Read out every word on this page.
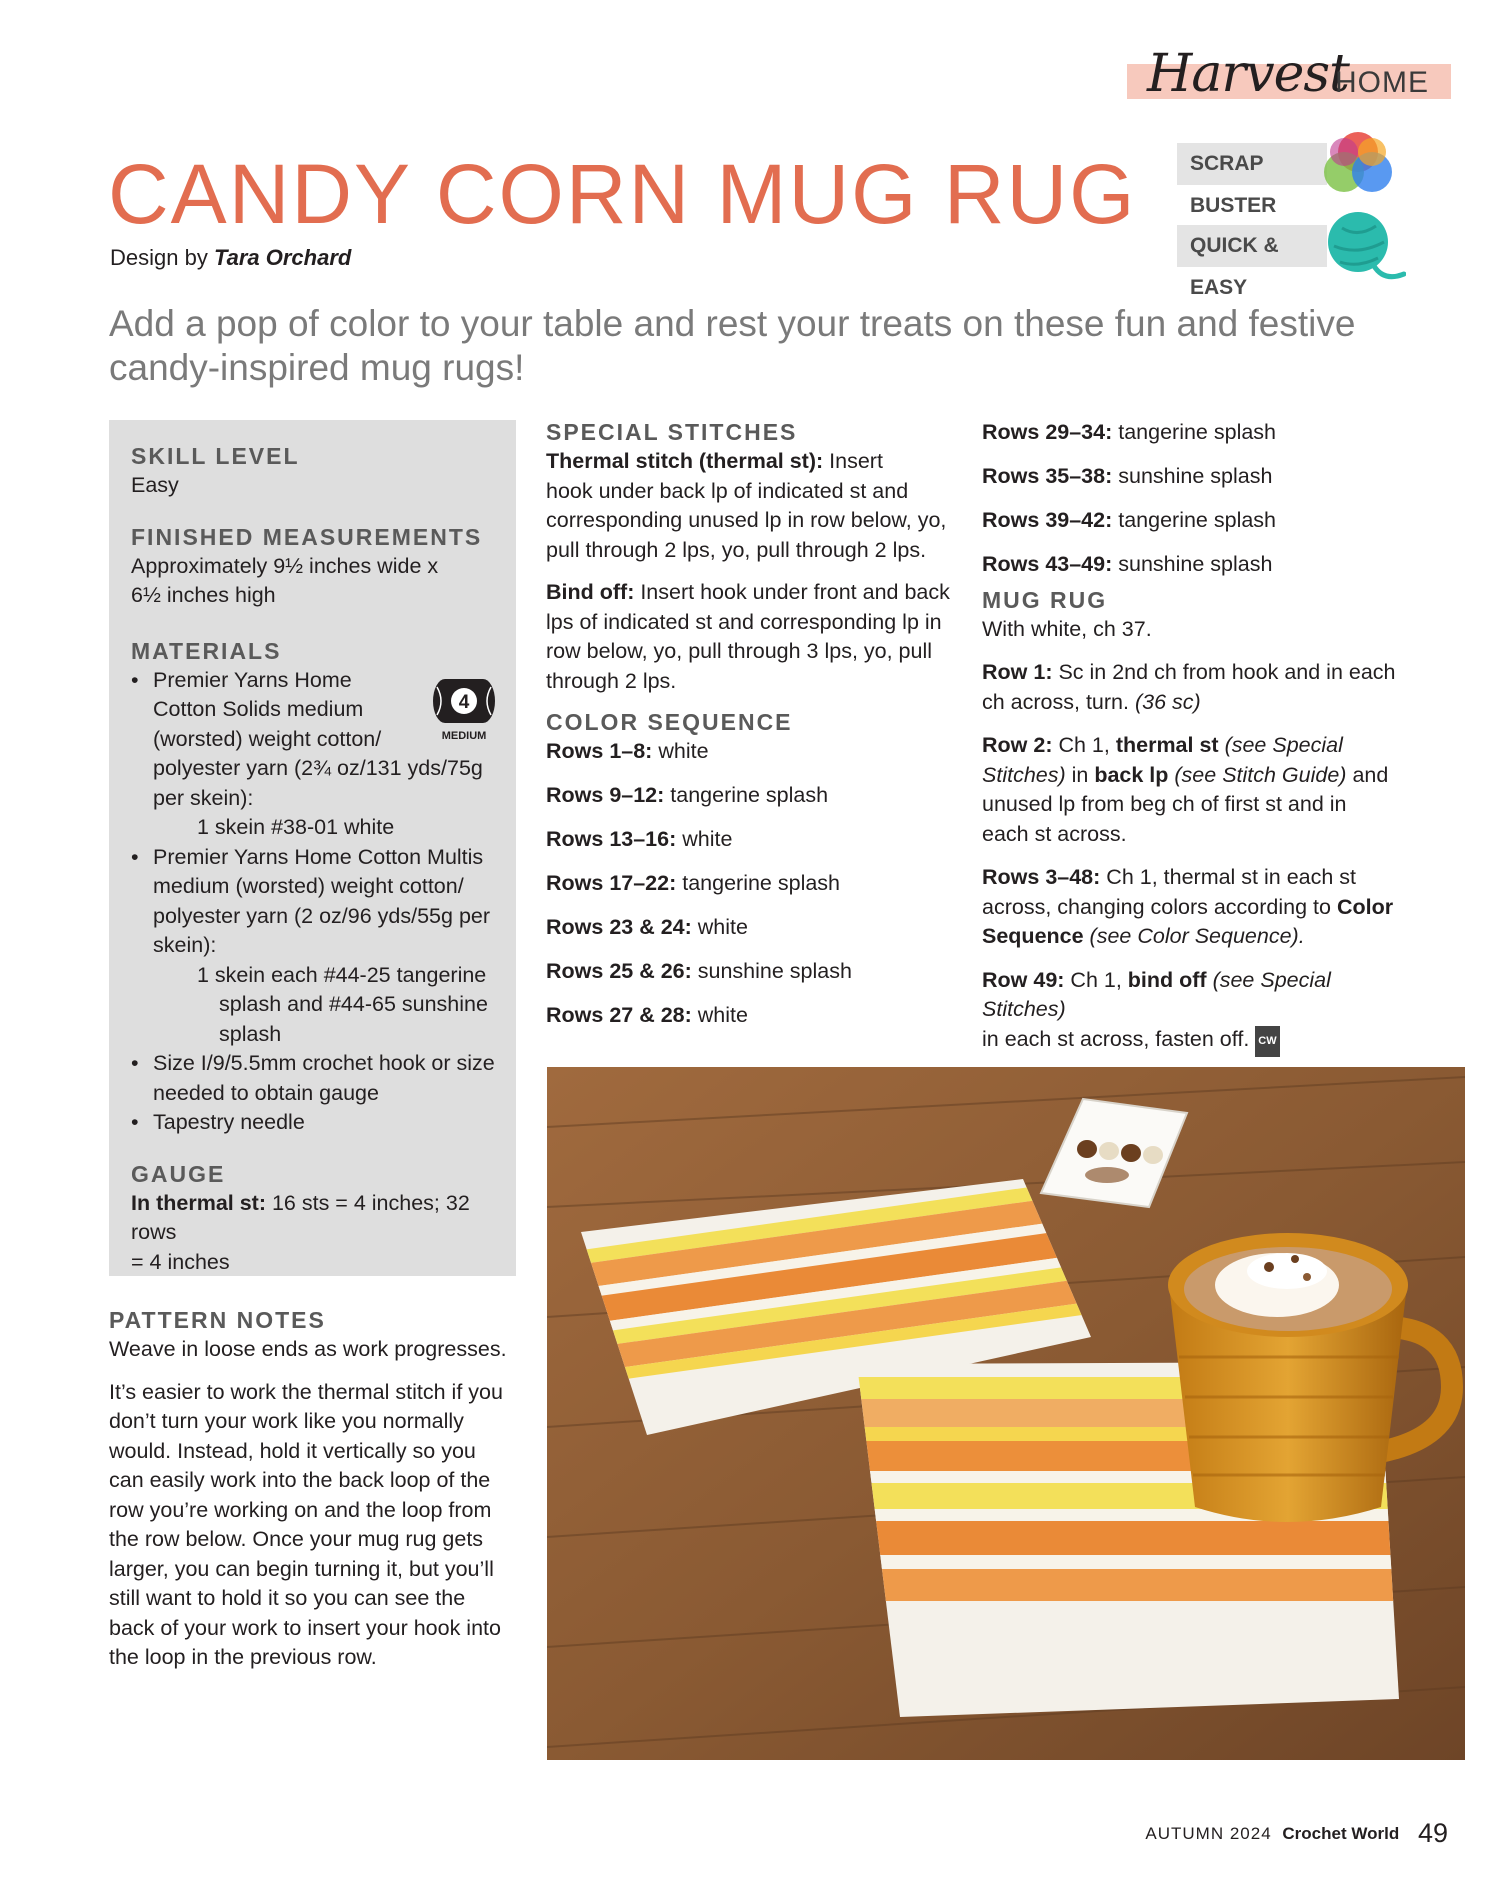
Harvest
HOME
SCRAP BUSTER
QUICK & EASY
CANDY CORN MUG RUG
Design by Tara Orchard
Add a pop of color to your table and rest your treats on these fun and festive candy-inspired mug rugs!
SKILL LEVEL
Easy
FINISHED MEASUREMENTS
Approximately 9½ inches wide x
6½ inches high
MATERIALS
• Premier Yarns Home
Cotton Solids medium
(worsted) weight cotton/
polyester yarn (2¾ oz/131 yds/75g
per skein):
1 skein #38-01 white
• Premier Yarns Home Cotton Multis
medium (worsted) weight cotton/
polyester yarn (2 oz/96 yds/55g per
skein):
1 skein each #44-25 tangerine
splash and #44-65 sunshine
splash
• Size I/9/5.5mm crochet hook or size
needed to obtain gauge
• Tapestry needle
GAUGE
In thermal st: 16 sts = 4 inches; 32 rows
= 4 inches
4
MEDIUM
PATTERN NOTES
Weave in loose ends as work progresses.
It’s easier to work the thermal stitch if you
don’t turn your work like you normally
would. Instead, hold it vertically so you
can easily work into the back loop of the
row you’re working on and the loop from
the row below. Once your mug rug gets
larger, you can begin turning it, but you’ll
still want to hold it so you can see the
back of your work to insert your hook into
the loop in the previous row.
SPECIAL STITCHES
Thermal stitch (thermal st): Insert
hook under back lp of indicated st and
corresponding unused lp in row below, yo,
pull through 2 lps, yo, pull through 2 lps.
Bind off: Insert hook under front and back
lps of indicated st and corresponding lp in
row below, yo, pull through 3 lps, yo, pull
through 2 lps.
COLOR SEQUENCE
Rows 1–8: white
Rows 9–12: tangerine splash
Rows 13–16: white
Rows 17–22: tangerine splash
Rows 23 & 24: white
Rows 25 & 26: sunshine splash
Rows 27 & 28: white
Rows 29–34: tangerine splash
Rows 35–38: sunshine splash
Rows 39–42: tangerine splash
Rows 43–49: sunshine splash
MUG RUG
With white, ch 37.
Row 1: Sc in 2nd ch from hook and in each
ch across, turn. (36 sc)
Row 2: Ch 1, thermal st (see Special
Stitches) in back lp (see Stitch Guide) and
unused lp from beg ch of first st and in
each st across.
Rows 3–48: Ch 1, thermal st in each st
across, changing colors according to Color
Sequence (see Color Sequence).
Row 49: Ch 1, bind off (see Special Stitches)
in each st across, fasten off. CW
AUTUMN 2024 Crochet World 49
